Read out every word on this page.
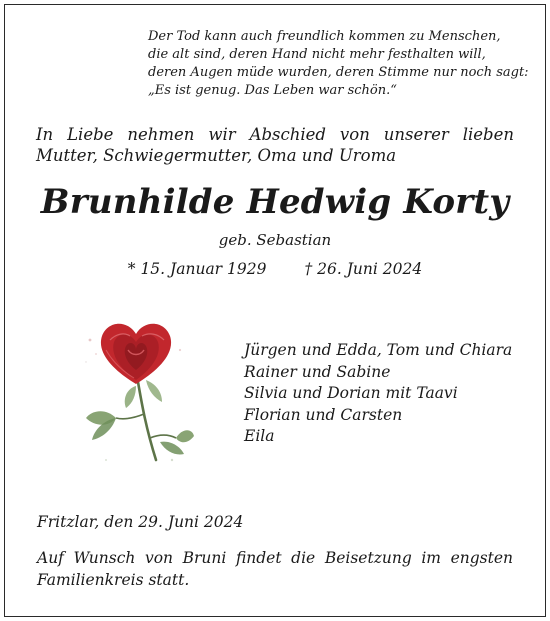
Der Tod kann auch freundlich kommen zu Menschen,
die alt sind, deren Hand nicht mehr festhalten will,
deren Augen müde wurden, deren Stimme nur noch sagt:
„Es ist genug. Das Leben war schön.“
In Liebe nehmen wir Abschied von unserer lieben Mutter, Schwiegermutter, Oma und Uroma
Brunhilde Hedwig Korty
geb. Sebastian
* 15. Januar 1929 † 26. Juni 2024
Jürgen und Edda, Tom und Chiara
Rainer und Sabine
Silvia und Dorian mit Taavi
Florian und Carsten
Eila
Fritzlar, den 29. Juni 2024
Auf Wunsch von Bruni findet die Beisetzung im engsten Familienkreis statt.
